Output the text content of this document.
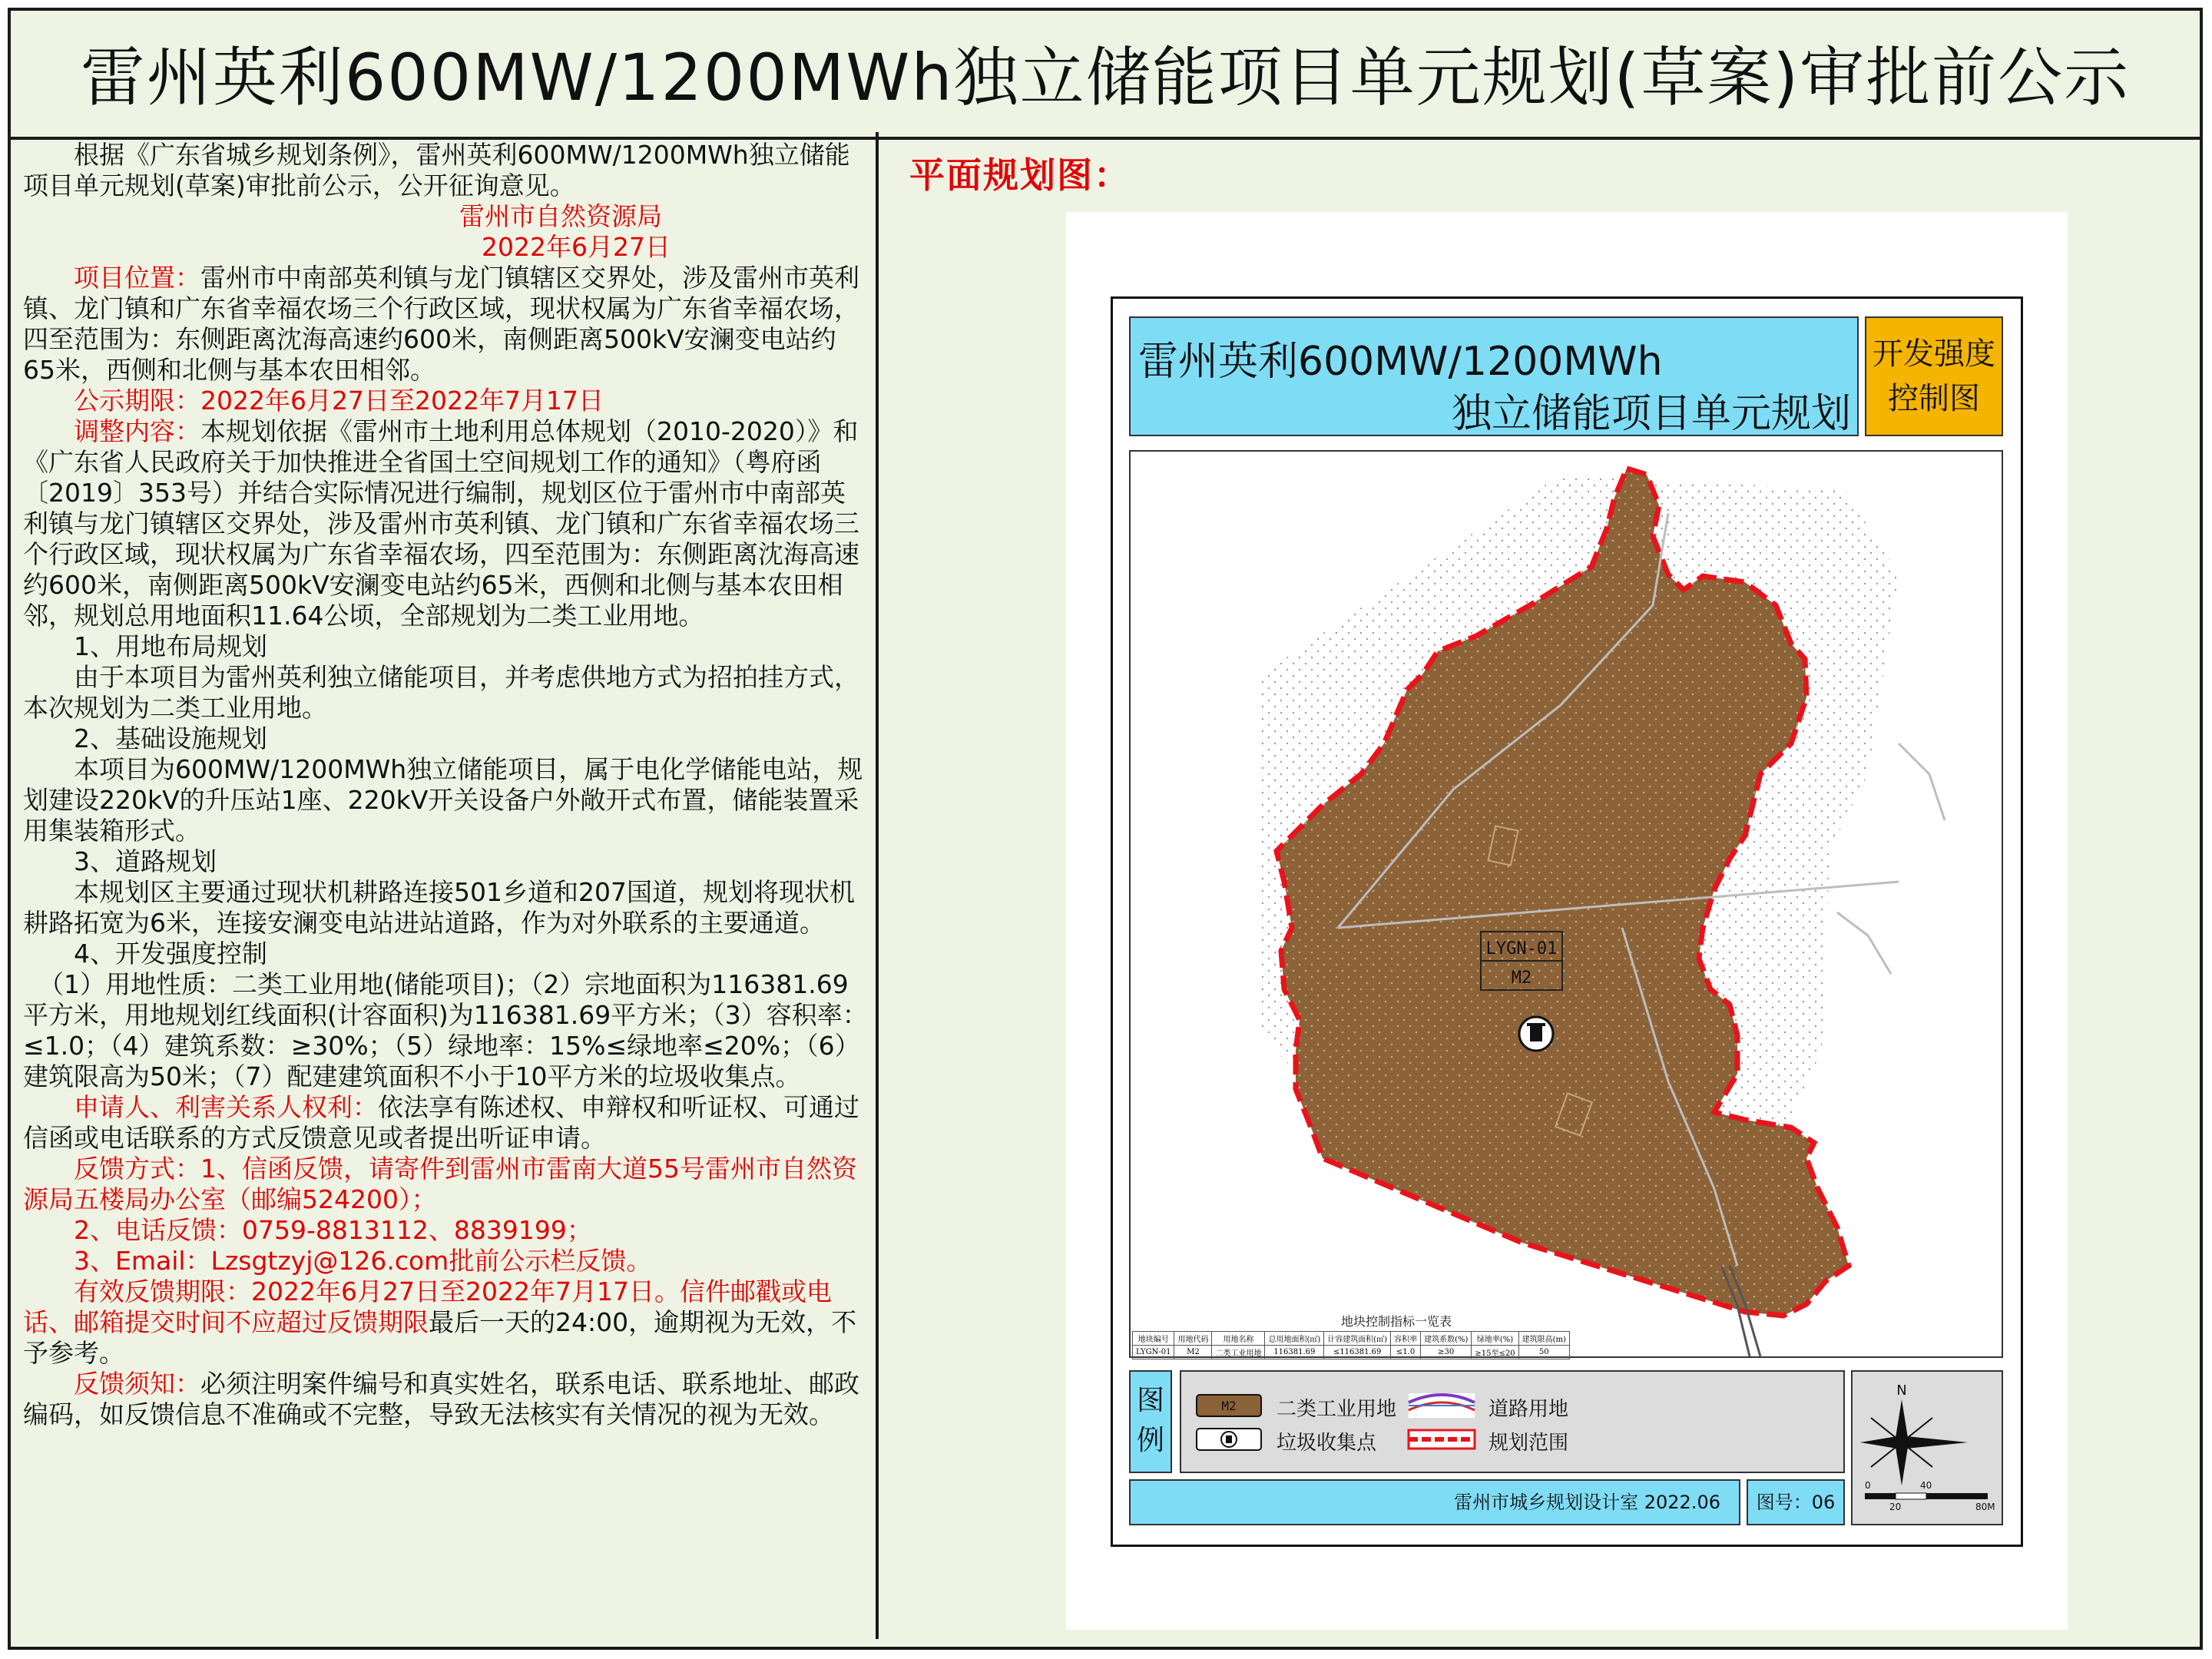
雷州英利600MW/1200MWh独立储能项目单元规划(草案)审批前公示

根据《广东省城乡规划条例》，雷州英利600MW/1200MWh独立储能项目单元规划(草案)审批前公示，公开征询意见。

雷州市自然资源局

2022年6月27日

项目位置：雷州市中南部英利镇与龙门镇辖区交界处，涉及雷州市英利镇、龙门镇和广东省幸福农场三个行政区域，现状权属为广东省幸福农场，四至范围为：东侧距离沈海高速约600米，南侧距离500kV安澜变电站约65米，西侧和北侧与基本农田相邻。

公示期限：2022年6月27日至2022年7月17日

调整内容：本规划依据《雷州市土地利用总体规划（2010-2020）》和《广东省人民政府关于加快推进全省国土空间规划工作的通知》（粤府函〔2019〕353号）并结合实际情况进行编制，规划区位于雷州市中南部英利镇与龙门镇辖区交界处，涉及雷州市英利镇、龙门镇和广东省幸福农场三个行政区域，现状权属为广东省幸福农场，四至范围为：东侧距离沈海高速约600米，南侧距离500kV安澜变电站约65米，西侧和北侧与基本农田相邻，规划总用地面积11.64公顷，全部规划为二类工业用地。

1、用地布局规划

由于本项目为雷州英利独立储能项目，并考虑供地方式为招拍挂方式，本次规划为二类工业用地。

2、基础设施规划

本项目为600MW/1200MWh独立储能项目，属于电化学储能电站，规划建设220kV的升压站1座、220kV开关设备户外敞开式布置，储能装置采用集装箱形式。

3、道路规划

本规划区主要通过现状机耕路连接501乡道和207国道，规划将现状机耕路拓宽为6米，连接安澜变电站进站道路，作为对外联系的主要通道。

4、开发强度控制

（1）用地性质：二类工业用地(储能项目)；（2）宗地面积为116381.69平方米，用地规划红线面积(计容面积)为116381.69平方米；（3）容积率：≤1.0；（4）建筑系数：≥30%；（5）绿地率：15%≤绿地率≤20%；（6）建筑限高为50米；（7）配建建筑面积不小于10平方米的垃圾收集点。

申请人、利害关系人权利：依法享有陈述权、申辩权和听证权、可通过信函或电话联系的方式反馈意见或者提出听证申请。

反馈方式：1、信函反馈，请寄件到雷州市雷南大道55号雷州市自然资源局五楼局办公室（邮编524200）；

2、电话反馈：0759-8813112、8839199；

3、Email：Lzsgtzyj@126.com批前公示栏反馈。

有效反馈期限：2022年6月27日至2022年7月17日。信件邮戳或电话、邮箱提交时间不应超过反馈期限最后一天的24:00，逾期视为无效，不予参考。

反馈须知：必须注明案件编号和真实姓名，联系电话、联系地址、邮政编码，如反馈信息不准确或不完整，导致无法核实有关情况的视为无效。

平面规划图：
雷州英利600MW/1200MWh
独立储能项目单元规划
开发强度
控制图
LYGN-01
M2
地块控制指标一览表
地块编号	用地代码	用地名称	总用地面积(㎡)	计容建筑面积(㎡)	容积率	建筑系数(%)	绿地率(%)	建筑限高(m)
LYGN-01	M2	二类工业用地	116381.69	≤116381.69	≤1.0	≥30	≥15至≤20	50
图
例
M2 二类工业用地
垃圾收集点
道路用地
规划范围
N
0	40
20	80M
雷州市城乡规划设计室 2022.06	图号：06
